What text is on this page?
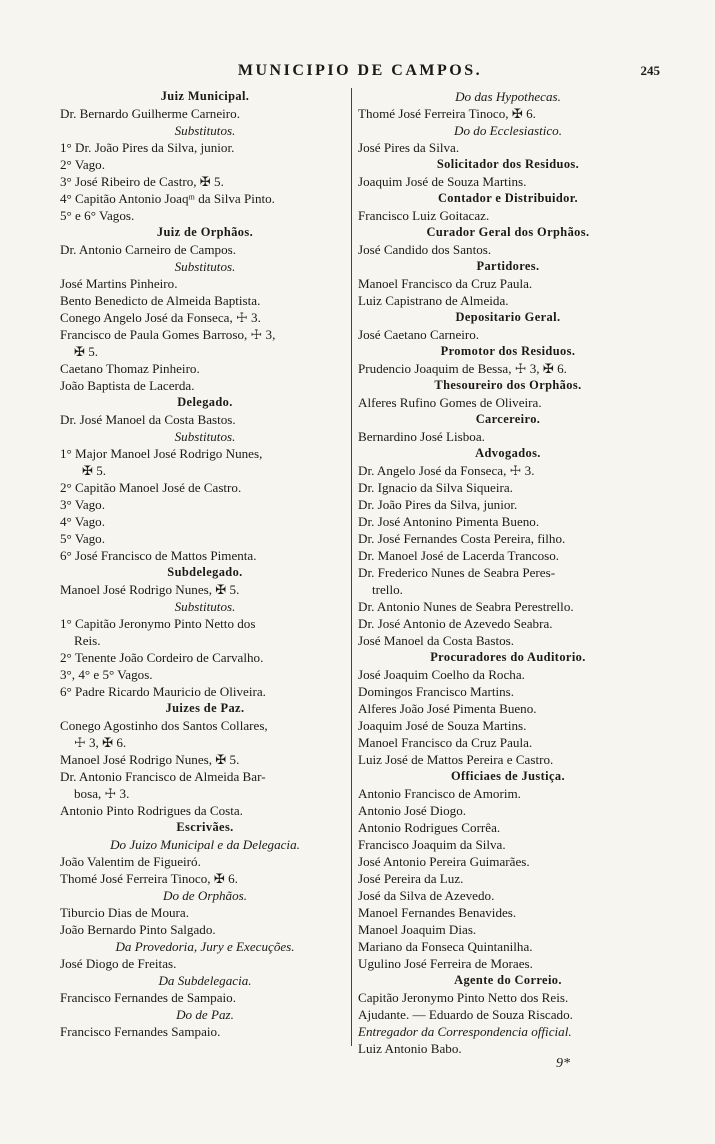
MUNICIPIO DE CAMPOS.	245
Juiz Municipal.
Dr. Bernardo Guilherme Carneiro.
Substitutos.
1° Dr. João Pires da Silva, junior.
2° Vago.
3° José Ribeiro de Castro, ✠ 5.
4° Capitão Antonio Joaqᵐ da Silva Pinto.
5° e 6° Vagos.
Juiz de Orphãos.
Dr. Antonio Carneiro de Campos.
Substitutos.
José Martins Pinheiro.
Bento Benedicto de Almeida Baptista.
Conego Angelo José da Fonseca, ☩ 3.
Francisco de Paula Gomes Barroso, ☩ 3,
✠ 5.
Caetano Thomaz Pinheiro.
João Baptista de Lacerda.
Delegado.
Dr. José Manoel da Costa Bastos.
Substitutos.
1° Major Manoel José Rodrigo Nunes,
✠ 5.
2° Capitão Manoel José de Castro.
3° Vago.
4° Vago.
5° Vago.
6° José Francisco de Mattos Pimenta.
Subdelegado.
Manoel José Rodrigo Nunes, ✠ 5.
Substitutos.
1° Capitão Jeronymo Pinto Netto dos
Reis.
2° Tenente João Cordeiro de Carvalho.
3°, 4° e 5° Vagos.
6° Padre Ricardo Mauricio de Oliveira.
Juizes de Paz.
Conego Agostinho dos Santos Collares,
☩ 3, ✠ 6.
Manoel José Rodrigo Nunes, ✠ 5.
Dr. Antonio Francisco de Almeida Bar-
bosa, ☩ 3.
Antonio Pinto Rodrigues da Costa.
Escrivães.
Do Juizo Municipal e da Delegacia.
João Valentim de Figueiró.
Thomé José Ferreira Tinoco, ✠ 6.
Do de Orphãos.
Tiburcio Dias de Moura.
João Bernardo Pinto Salgado.
Da Provedoria, Jury e Execuções.
José Diogo de Freitas.
Da Subdelegacia.
Francisco Fernandes de Sampaio.
Do de Paz.
Francisco Fernandes Sampaio.
Do das Hypothecas.
Thomé José Ferreira Tinoco, ✠ 6.
Do do Ecclesiastico.
José Pires da Silva.
Solicitador dos Residuos.
Joaquim José de Souza Martins.
Contador e Distribuidor.
Francisco Luiz Goitacaz.
Curador Geral dos Orphãos.
José Candido dos Santos.
Partidores.
Manoel Francisco da Cruz Paula.
Luiz Capistrano de Almeida.
Depositario Geral.
José Caetano Carneiro.
Promotor dos Residuos.
Prudencio Joaquim de Bessa, ☩ 3, ✠ 6.
Thesoureiro dos Orphãos.
Alferes Rufino Gomes de Oliveira.
Carcereiro.
Bernardino José Lisboa.
Advogados.
Dr. Angelo José da Fonseca, ☩ 3.
Dr. Ignacio da Silva Siqueira.
Dr. João Pires da Silva, junior.
Dr. José Antonino Pimenta Bueno.
Dr. José Fernandes Costa Pereira, filho.
Dr. Manoel José de Lacerda Trancoso.
Dr. Frederico Nunes de Seabra Peres-
trello.
Dr. Antonio Nunes de Seabra Perestrello.
Dr. José Antonio de Azevedo Seabra.
José Manoel da Costa Bastos.
Procuradores do Auditorio.
José Joaquim Coelho da Rocha.
Domingos Francisco Martins.
Alferes João José Pimenta Bueno.
Joaquim José de Souza Martins.
Manoel Francisco da Cruz Paula.
Luiz José de Mattos Pereira e Castro.
Officiaes de Justiça.
Antonio Francisco de Amorim.
Antonio José Diogo.
Antonio Rodrigues Corrêa.
Francisco Joaquim da Silva.
José Antonio Pereira Guimarães.
José Pereira da Luz.
José da Silva de Azevedo.
Manoel Fernandes Benavides.
Manoel Joaquim Dias.
Mariano da Fonseca Quintanilha.
Ugulino José Ferreira de Moraes.
Agente do Correio.
Capitão Jeronymo Pinto Netto dos Reis.
Ajudante. — Eduardo de Souza Riscado.
Entregador da Correspondencia official.
Luiz Antonio Babo.
9*
